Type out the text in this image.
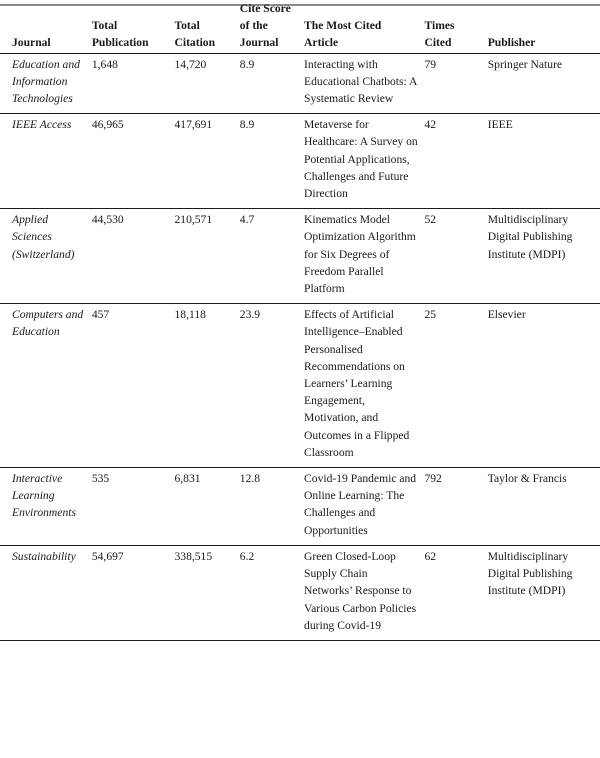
Journal	Total Publication	Total Citation	Cite Score of the Journal	The Most Cited Article	Times Cited	Publisher
Education and Information Technologies	1,648	14,720	8.9	Interacting with Educational Chatbots: A Systematic Review	79	Springer Nature
IEEE Access	46,965	417,691	8.9	Metaverse for Healthcare: A Survey on Potential Applications, Challenges and Future Direction	42	IEEE
Applied Sciences (Switzerland)	44,530	210,571	4.7	Kinematics Model Optimization Algorithm for Six Degrees of Freedom Parallel Platform	52	Multidisciplinary Digital Publishing Institute (MDPI)
Computers and Education	457	18,118	23.9	Effects of Artificial Intelligence–Enabled Personalised Recommendations on Learners’ Learning Engagement, Motivation, and Outcomes in a Flipped Classroom	25	Elsevier
Interactive Learning Environments	535	6,831	12.8	Covid-19 Pandemic and Online Learning: The Challenges and Opportunities	792	Taylor & Francis
Sustainability	54,697	338,515	6.2	Green Closed-Loop Supply Chain Networks’ Response to Various Carbon Policies during Covid-19	62	Multidisciplinary Digital Publishing Institute (MDPI)
